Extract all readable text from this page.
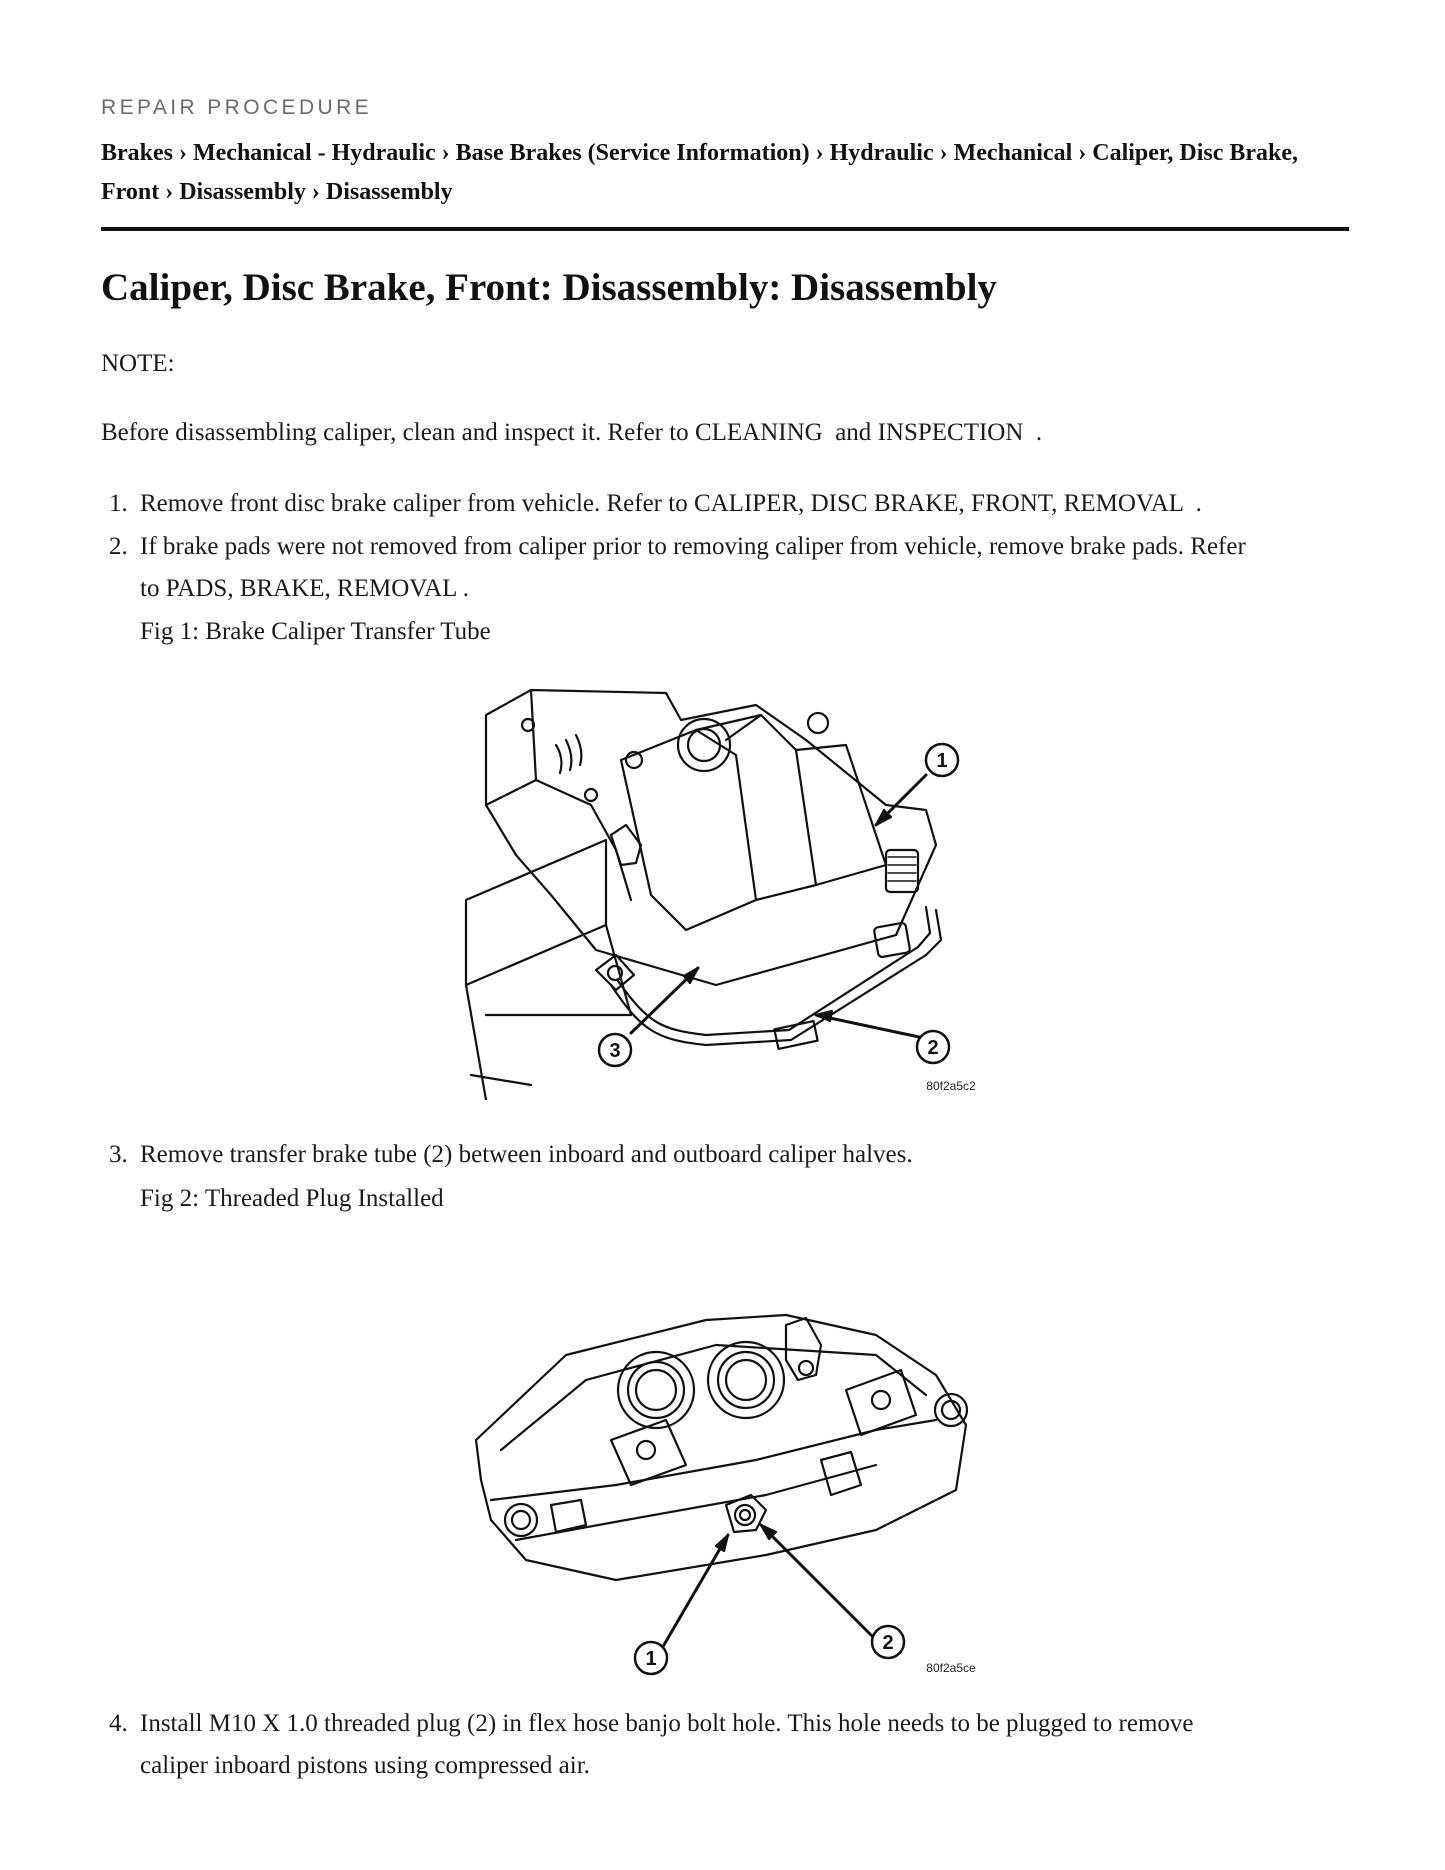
REPAIR PROCEDURE
Brakes › Mechanical - Hydraulic › Base Brakes (Service Information) › Hydraulic › Mechanical › Caliper, Disc Brake, Front › Disassembly › Disassembly
Caliper, Disc Brake, Front: Disassembly: Disassembly
NOTE:
Before disassembling caliper, clean and inspect it. Refer to CLEANING  and INSPECTION  .
1. Remove front disc brake caliper from vehicle. Refer to CALIPER, DISC BRAKE, FRONT, REMOVAL  .
2. If brake pads were not removed from caliper prior to removing caliper from vehicle, remove brake pads. Refer
to PADS, BRAKE, REMOVAL .
Fig 1: Brake Caliper Transfer Tube
1
2
3
80f2a5c2
3. Remove transfer brake tube (2) between inboard and outboard caliper halves.
Fig 2: Threaded Plug Installed
1
2
80f2a5ce
4. Install M10 X 1.0 threaded plug (2) in flex hose banjo bolt hole. This hole needs to be plugged to remove
caliper inboard pistons using compressed air.
